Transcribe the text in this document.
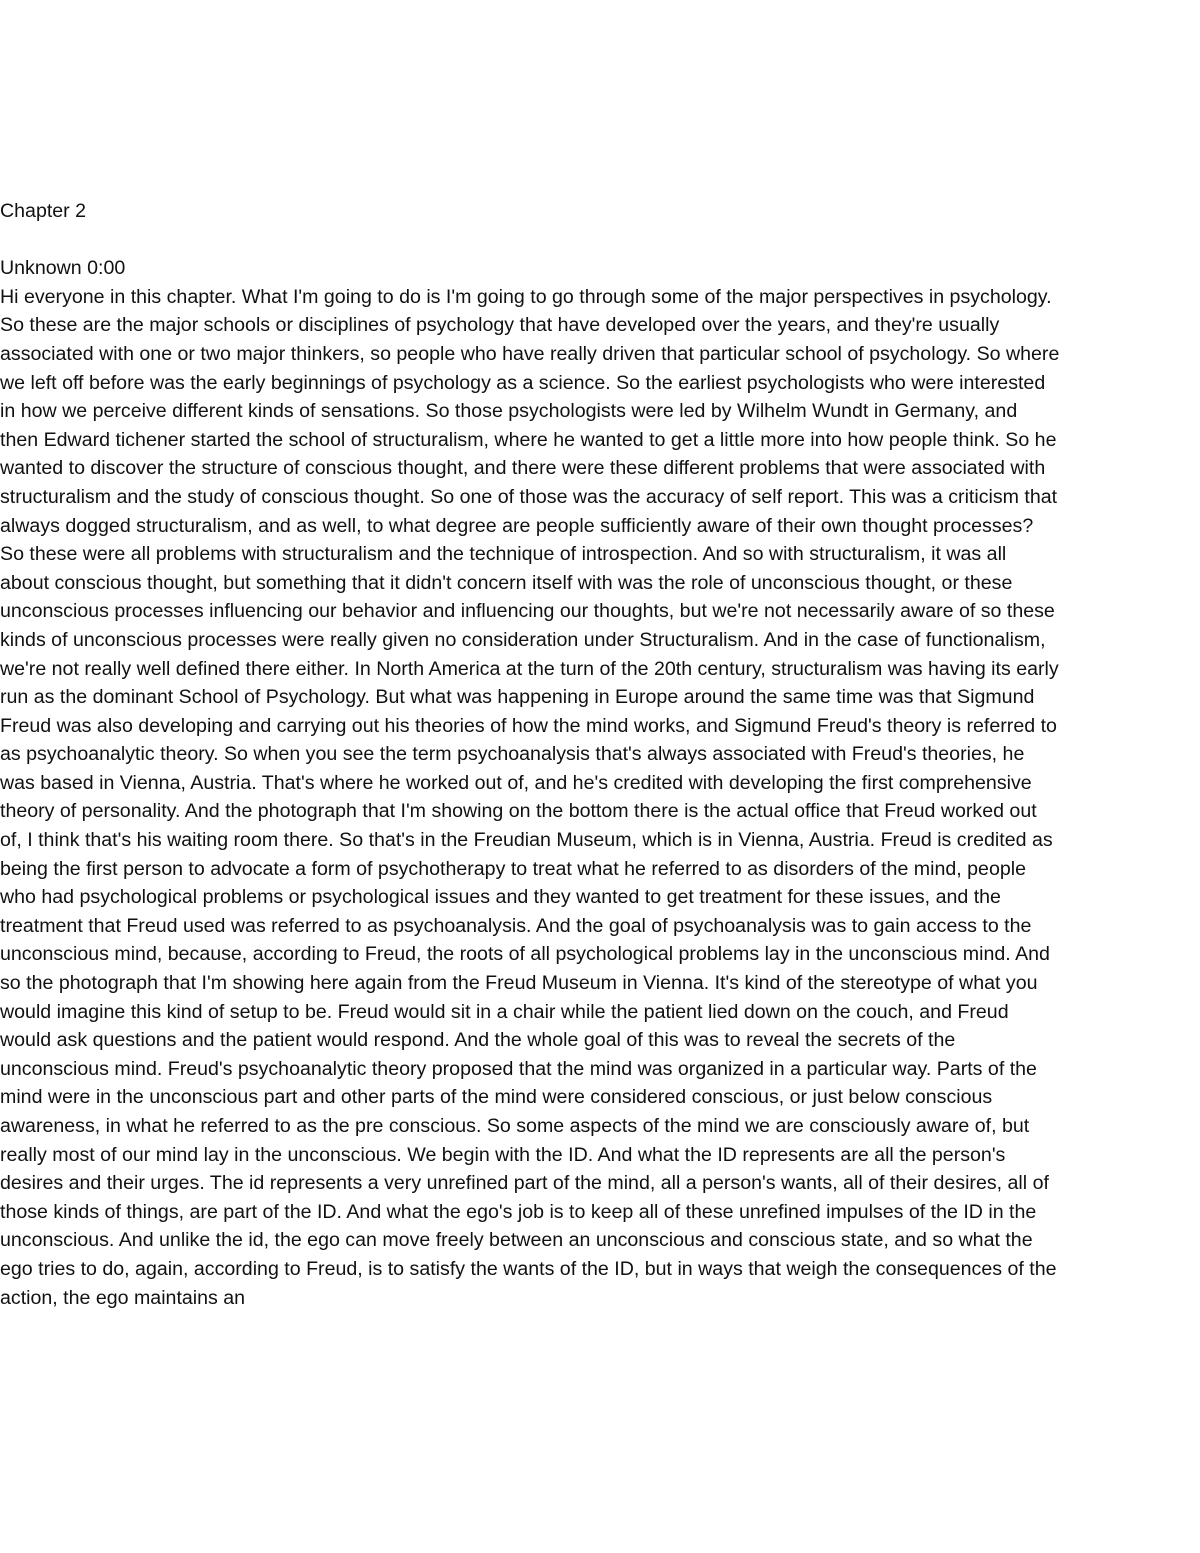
Chapter 2

Unknown 0:00

Hi everyone in this chapter. What I'm going to do is I'm going to go through some of the major perspectives in psychology. So these are the major schools or disciplines of psychology that have developed over the years, and they're usually associated with one or two major thinkers, so people who have really driven that particular school of psychology. So where we left off before was the early beginnings of psychology as a science. So the earliest psychologists who were interested in how we perceive different kinds of sensations. So those psychologists were led by Wilhelm Wundt in Germany, and then Edward tichener started the school of structuralism, where he wanted to get a little more into how people think. So he wanted to discover the structure of conscious thought, and there were these different problems that were associated with structuralism and the study of conscious thought. So one of those was the accuracy of self report. This was a criticism that always dogged structuralism, and as well, to what degree are people sufficiently aware of their own thought processes? So these were all problems with structuralism and the technique of introspection. And so with structuralism, it was all about conscious thought, but something that it didn't concern itself with was the role of unconscious thought, or these unconscious processes influencing our behavior and influencing our thoughts, but we're not necessarily aware of so these kinds of unconscious processes were really given no consideration under Structuralism. And in the case of functionalism, we're not really well defined there either. In North America at the turn of the 20th century, structuralism was having its early run as the dominant School of Psychology. But what was happening in Europe around the same time was that Sigmund Freud was also developing and carrying out his theories of how the mind works, and Sigmund Freud's theory is referred to as psychoanalytic theory. So when you see the term psychoanalysis that's always associated with Freud's theories, he was based in Vienna, Austria. That's where he worked out of, and he's credited with developing the first comprehensive theory of personality. And the photograph that I'm showing on the bottom there is the actual office that Freud worked out of, I think that's his waiting room there. So that's in the Freudian Museum, which is in Vienna, Austria. Freud is credited as being the first person to advocate a form of psychotherapy to treat what he referred to as disorders of the mind, people who had psychological problems or psychological issues and they wanted to get treatment for these issues, and the treatment that Freud used was referred to as psychoanalysis. And the goal of psychoanalysis was to gain access to the unconscious mind, because, according to Freud, the roots of all psychological problems lay in the unconscious mind. And so the photograph that I'm showing here again from the Freud Museum in Vienna. It's kind of the stereotype of what you would imagine this kind of setup to be. Freud would sit in a chair while the patient lied down on the couch, and Freud would ask questions and the patient would respond. And the whole goal of this was to reveal the secrets of the unconscious mind. Freud's psychoanalytic theory proposed that the mind was organized in a particular way. Parts of the mind were in the unconscious part and other parts of the mind were considered conscious, or just below conscious awareness, in what he referred to as the pre conscious. So some aspects of the mind we are consciously aware of, but really most of our mind lay in the unconscious. We begin with the ID. And what the ID represents are all the person's desires and their urges. The id represents a very unrefined part of the mind, all a person's wants, all of their desires, all of those kinds of things, are part of the ID. And what the ego's job is to keep all of these unrefined impulses of the ID in the unconscious. And unlike the id, the ego can move freely between an unconscious and conscious state, and so what the ego tries to do, again, according to Freud, is to satisfy the wants of the ID, but in ways that weigh the consequences of the action, the ego maintains an
